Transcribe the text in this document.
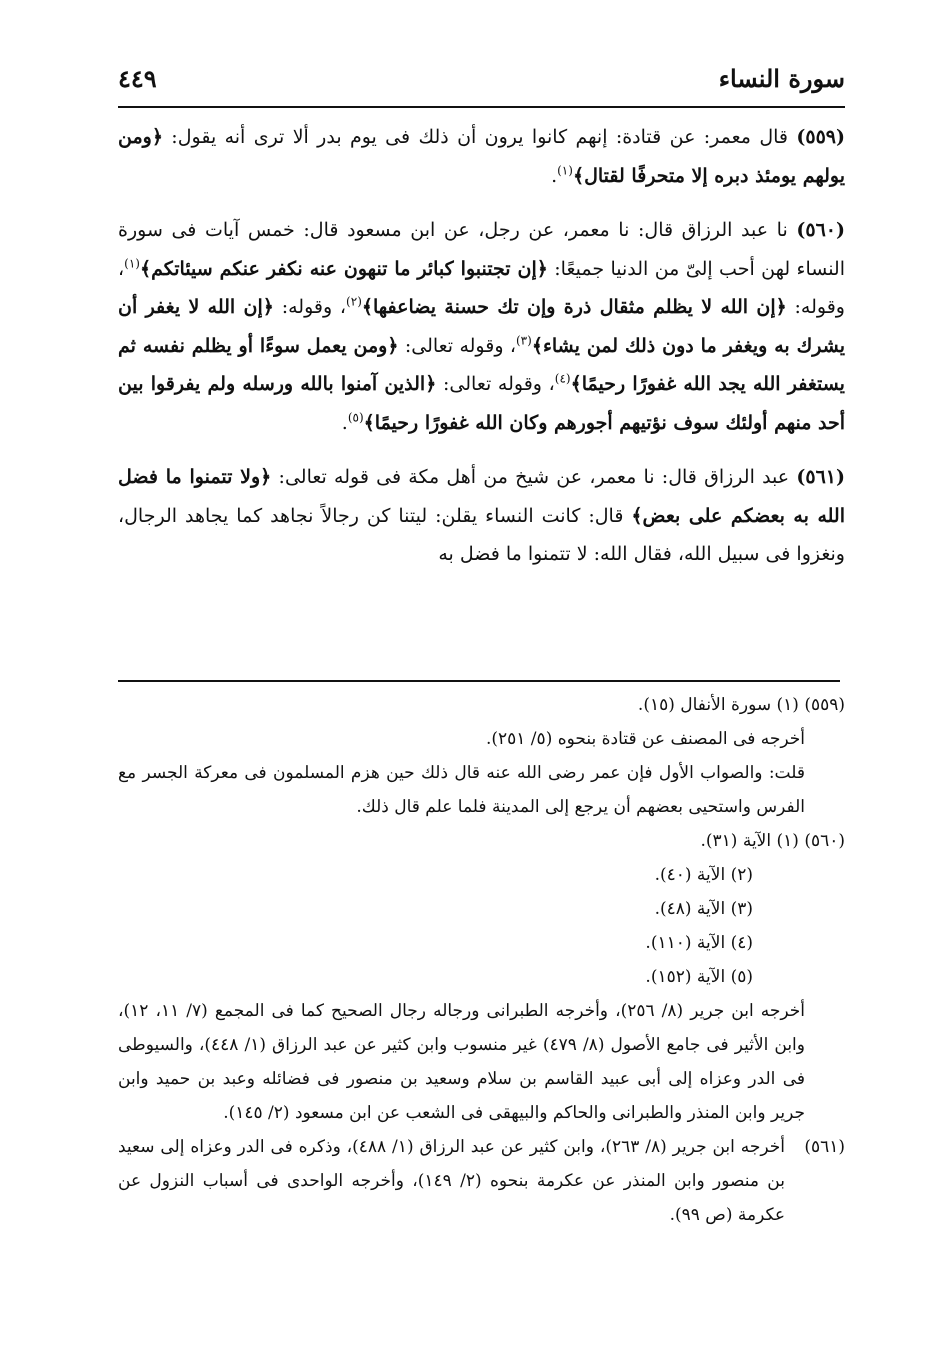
سورة النساء
٤٤٩

(٥٥٩) قال معمر: عن قتادة: إنهم كانوا يرون أن ذلك فى يوم بدر ألا ترى أنه يقول: ﴿ومن يولهم يومئذ دبره إلا متحرفًا لقتال﴾$^{(١)}$.

(٥٦٠) نا عبد الرزاق قال: نا معمر، عن رجل، عن ابن مسعود قال: خمس آيات فى سورة النساء لهن أحب إلىّ من الدنيا جميعًا: ﴿إن تجتنبوا كبائر ما تنهون عنه نكفر عنكم سيئاتكم﴾$^{(١)}$، وقوله: ﴿إن الله لا يظلم مثقال ذرة وإن تك حسنة يضاعفها﴾$^{(٢)}$، وقوله: ﴿إن الله لا يغفر أن يشرك به ويغفر ما دون ذلك لمن يشاء﴾$^{(٣)}$، وقوله تعالى: ﴿ومن يعمل سوءًا أو يظلم نفسه ثم يستغفر الله يجد الله غفورًا رحيمًا﴾$^{(٤)}$، وقوله تعالى: ﴿الذين آمنوا بالله ورسله ولم يفرقوا بين أحد منهم أولئك سوف نؤتيهم أجورهم وكان الله غفورًا رحيمًا﴾$^{(٥)}$.

(٥٦١) عبد الرزاق قال: نا معمر، عن شيخ من أهل مكة فى قوله تعالى: ﴿ولا تتمنوا ما فضل الله به بعضكم على بعض﴾ قال: كانت النساء يقلن: ليتنا كن رجالاً نجاهد كما يجاهد الرجال، ونغزوا فى سبيل الله، فقال الله: لا تتمنوا ما فضل به

(٥٥٩) (١) سورة الأنفال (١٥).
أخرجه فى المصنف عن قتادة بنحوه (٥/ ٢٥١).
قلت: والصواب الأول فإن عمر رضى الله عنه قال ذلك حين هزم المسلمون فى معركة الجسر مع الفرس واستحيى بعضهم أن يرجع إلى المدينة فلما علم قال ذلك.
(٥٦٠) (١) الآية (٣١).
(٢) الآية (٤٠).
(٣) الآية (٤٨).
(٤) الآية (١١٠).
(٥) الآية (١٥٢).
أخرجه ابن جرير (٨/ ٢٥٦)، وأخرجه الطبرانى ورجاله رجال الصحيح كما فى المجمع (٧/ ١١، ١٢)، وابن الأثير فى جامع الأصول (٨/ ٤٧٩) غير منسوب وابن كثير عن عبد الرزاق (١/ ٤٤٨)، والسيوطى فى الدر وعزاه إلى أبى عبيد القاسم بن سلام وسعيد بن منصور فى فضائله وعبد بن حميد وابن جرير وابن المنذر والطبرانى والحاكم والبيهقى فى الشعب عن ابن مسعود (٢/ ١٤٥).
(٥٦١)
أخرجه ابن جرير (٨/ ٢٦٣)، وابن كثير عن عبد الرزاق (١/ ٤٨٨)، وذكره فى الدر وعزاه إلى سعيد بن منصور وابن المنذر عن عكرمة بنحوه (٢/ ١٤٩)، وأخرجه الواحدى فى أسباب النزول عن عكرمة (ص ٩٩).
